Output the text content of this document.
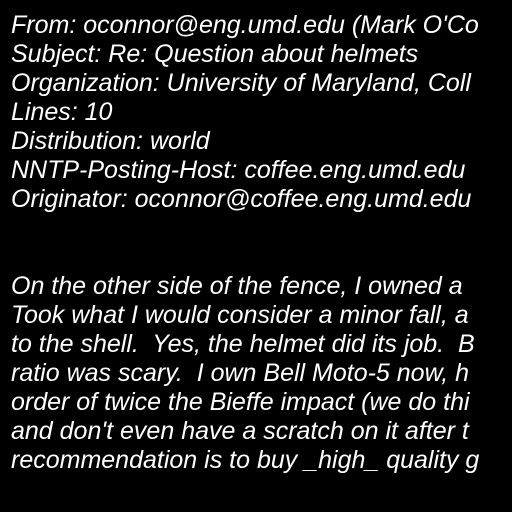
From: oconnor@eng.umd.edu (Mark O'Co

Subject: Re: Question about helmets

Organization: University of Maryland, Coll

Lines: 10

Distribution: world

NNTP-Posting-Host: coffee.eng.umd.edu

Originator: oconnor@coffee.eng.umd.edu

On the other side of the fence, I owned a

Took what I would consider a minor fall, a

to the shell.  Yes, the helmet did its job.  B

ratio was scary.  I own Bell Moto-5 now, h

order of twice the Bieffe impact (we do thi

and don't even have a scratch on it after t

recommendation is to buy _high_ quality g
